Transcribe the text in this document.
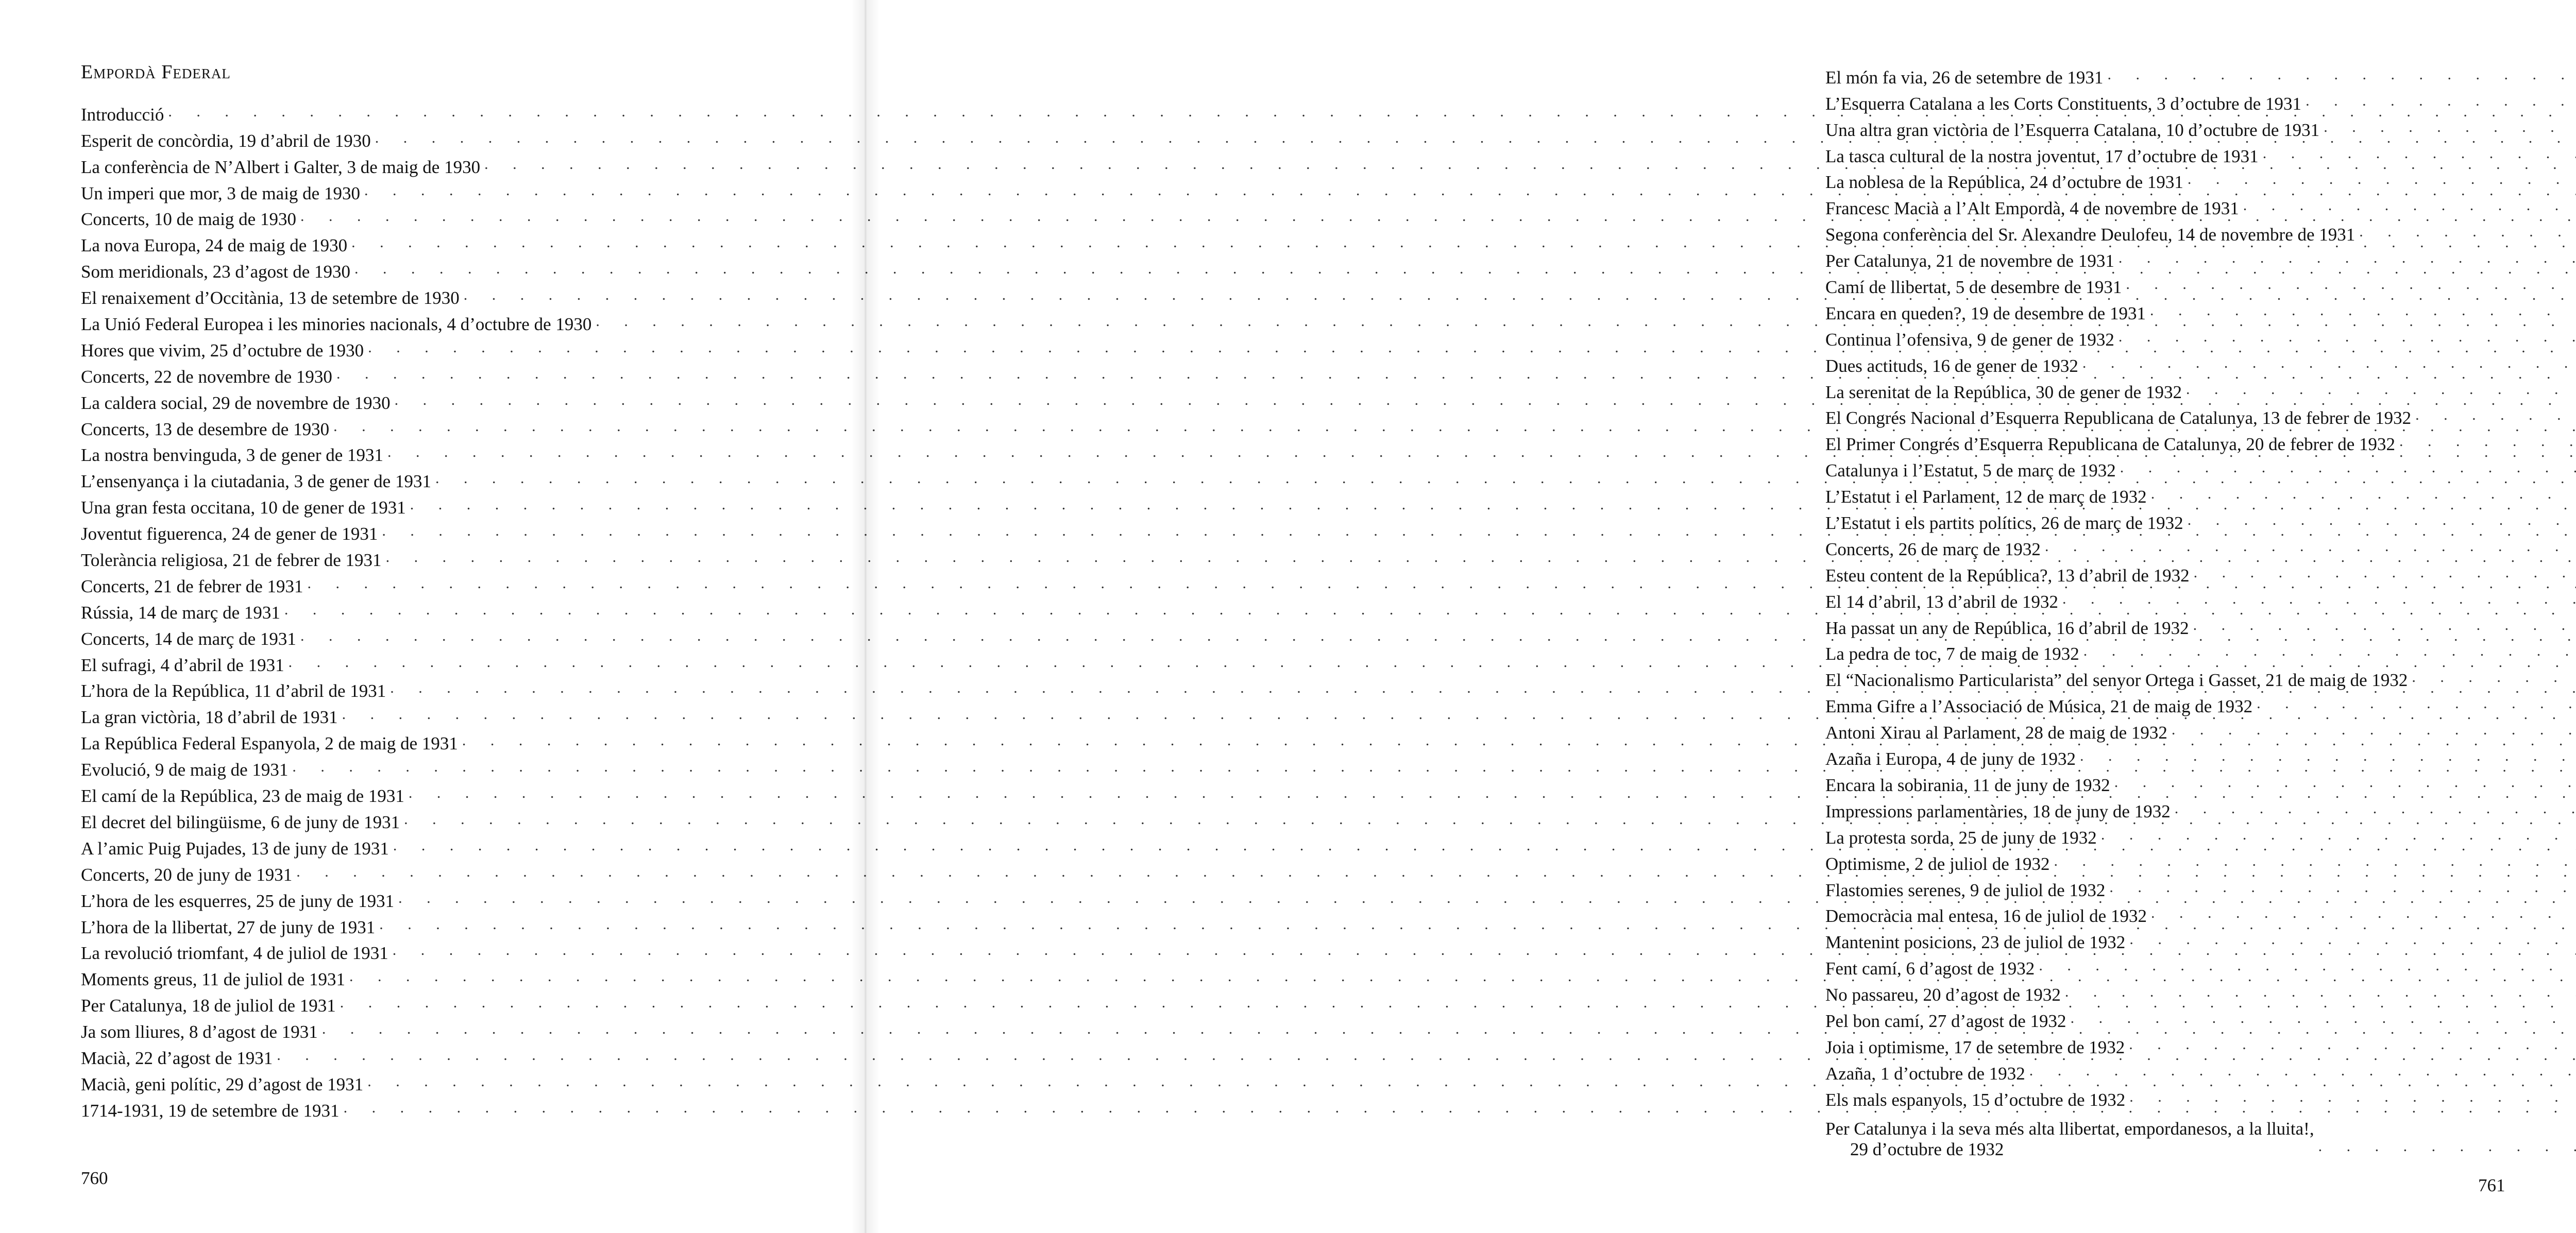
Empordà Federal
Introducció
. . .
Esperit de concòrdia, 19 d’abril de 1930
. . .
La conferència de N’Albert i Galter, 3 de maig de 1930
. . .
Un imperi que mor, 3 de maig de 1930
. . .
Concerts, 10 de maig de 1930
. . .
La nova Europa, 24 de maig de 1930
. . .
Som meridionals, 23 d’agost de 1930
. . .
El renaixement d’Occitània, 13 de setembre de 1930
. . .
La Unió Federal Europea i les minories nacionals, 4 d’octubre de 1930
. . .
Hores que vivim, 25 d’octubre de 1930
. . .
Concerts, 22 de novembre de 1930
. . .
La caldera social, 29 de novembre de 1930
. . .
Concerts, 13 de desembre de 1930
. . .
La nostra benvinguda, 3 de gener de 1931
. . .
L’ensenyança i la ciutadania, 3 de gener de 1931
. . .
Una gran festa occitana, 10 de gener de 1931
. . .
Joventut figuerenca, 24 de gener de 1931
. . .
Tolerància religiosa, 21 de febrer de 1931
. . .
Concerts, 21 de febrer de 1931
. . .
Rússia, 14 de març de 1931
. . .
Concerts, 14 de març de 1931
. . .
El sufragi, 4 d’abril de 1931
. . .
L’hora de la República, 11 d’abril de 1931
. . .
La gran victòria, 18 d’abril de 1931
. . .
La República Federal Espanyola, 2 de maig de 1931
. . .
Evolució, 9 de maig de 1931
. . .
El camí de la República, 23 de maig de 1931
. . .
El decret del bilingüisme, 6 de juny de 1931
. . .
A l’amic Puig Pujades, 13 de juny de 1931
. . .
Concerts, 20 de juny de 1931
. . .
L’hora de les esquerres, 25 de juny de 1931
. . .
L’hora de la llibertat, 27 de juny de 1931
. . .
La revolució triomfant, 4 de juliol de 1931
. . .
Moments greus, 11 de juliol de 1931
. . .
Per Catalunya, 18 de juliol de 1931
. . .
Ja som lliures, 8 d’agost de 1931
. . .
Macià, 22 d’agost de 1931
. . .
Macià, geni polític, 29 d’agost de 1931
. . .
1714-1931, 19 de setembre de 1931
. . .
760
El món fa via, 26 de setembre de 1931
. . .
L’Esquerra Catalana a les Corts Constituents, 3 d’octubre de 1931
. . .
Una altra gran victòria de l’Esquerra Catalana, 10 d’octubre de 1931
. . .
La tasca cultural de la nostra joventut, 17 d’octubre de 1931
. . .
La noblesa de la República, 24 d’octubre de 1931
. . .
Francesc Macià a l’Alt Empordà, 4 de novembre de 1931
. . .
Segona conferència del Sr. Alexandre Deulofeu, 14 de novembre de 1931
. . .
Per Catalunya, 21 de novembre de 1931
. . .
Camí de llibertat, 5 de desembre de 1931
. . .
Encara en queden?, 19 de desembre de 1931
. . .
Continua l’ofensiva, 9 de gener de 1932
. . .
Dues actituds, 16 de gener de 1932
. . .
La serenitat de la República, 30 de gener de 1932
. . .
El Congrés Nacional d’Esquerra Republicana de Catalunya, 13 de febrer de 1932
. . .
El Primer Congrés d’Esquerra Republicana de Catalunya, 20 de febrer de 1932
. . .
Catalunya i l’Estatut, 5 de març de 1932
. . .
L’Estatut i el Parlament, 12 de març de 1932
. . .
L’Estatut i els partits polítics, 26 de març de 1932
. . .
Concerts, 26 de març de 1932
. . .
Esteu content de la República?, 13 d’abril de 1932
. . .
El 14 d’abril, 13 d’abril de 1932
. . .
Ha passat un any de República, 16 d’abril de 1932
. . .
La pedra de toc, 7 de maig de 1932
. . .
El “Nacionalismo Particularista” del senyor Ortega i Gasset, 21 de maig de 1932
. . .
Emma Gifre a l’Associació de Música, 21 de maig de 1932
. . .
Antoni Xirau al Parlament, 28 de maig de 1932
. . .
Azaña i Europa, 4 de juny de 1932
. . .
Encara la sobirania, 11 de juny de 1932
. . .
Impressions parlamentàries, 18 de juny de 1932
. . .
La protesta sorda, 25 de juny de 1932
. . .
Optimisme, 2 de juliol de 1932
. . .
Flastomies serenes, 9 de juliol de 1932
. . .
Democràcia mal entesa, 16 de juliol de 1932
. . .
Mantenint posicions, 23 de juliol de 1932
. . .
Fent camí, 6 d’agost de 1932
. . .
No passareu, 20 d’agost de 1932
. . .
Pel bon camí, 27 d’agost de 1932
. . .
Joia i optimisme, 17 de setembre de 1932
. . .
Azaña, 1 d’octubre de 1932
. . .
Els mals espanyols, 15 d’octubre de 1932
. . .
Per Catalunya i la seva més alta llibertat, empordanesos, a la lluita!,
29 d’octubre de 1932
. . .
761
